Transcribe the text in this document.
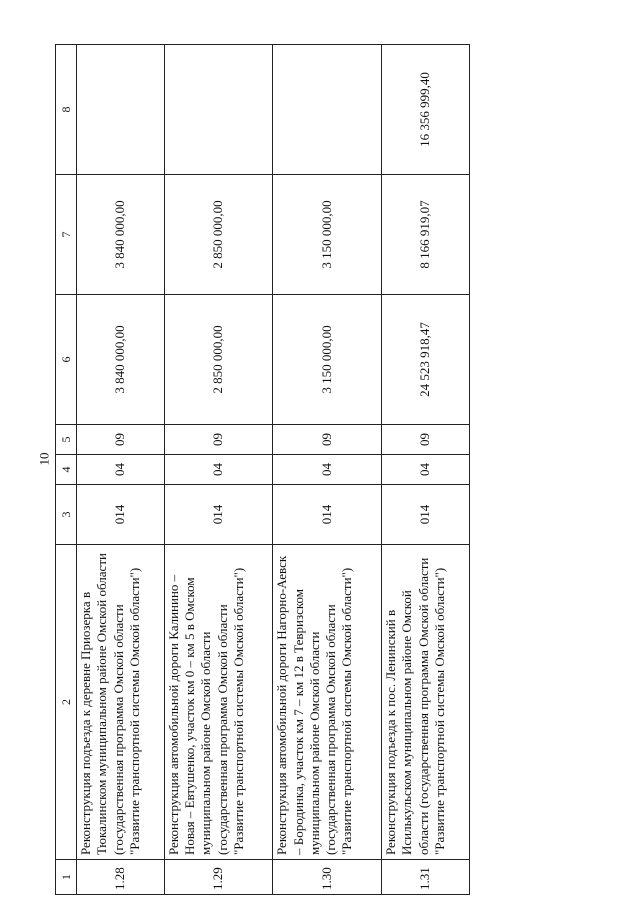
10
1	2	3	4	5	6	7	8
1.28	Реконструкция подъезда к деревне Приозерка в Тюкалинском муниципальном районе Омской области (государственная программа Омской области "Развитие транспортной системы Омской области")	014	04	09	3 840 000,00	3 840 000,00	
1.29	Реконструкция автомобильной дороги Калинино – Новая – Евтушенко, участок км 0 – км 5 в Омском муниципальном районе Омской области (государственная программа Омской области "Развитие транспортной системы Омской области")	014	04	09	2 850 000,00	2 850 000,00	
1.30	Реконструкция автомобильной дороги Нагорно-Аевск – Бородинка, участок км 7 – км 12 в Тевризском муниципальном районе Омской области (государственная программа Омской области "Развитие транспортной системы Омской области")	014	04	09	3 150 000,00	3 150 000,00	
1.31	Реконструкция подъезда к пос. Ленинский в Исилькульском муниципальном районе Омской области (государственная программа Омской области "Развитие транспортной системы Омской области")	014	04	09	24 523 918,47	8 166 919,07	16 356 999,40
